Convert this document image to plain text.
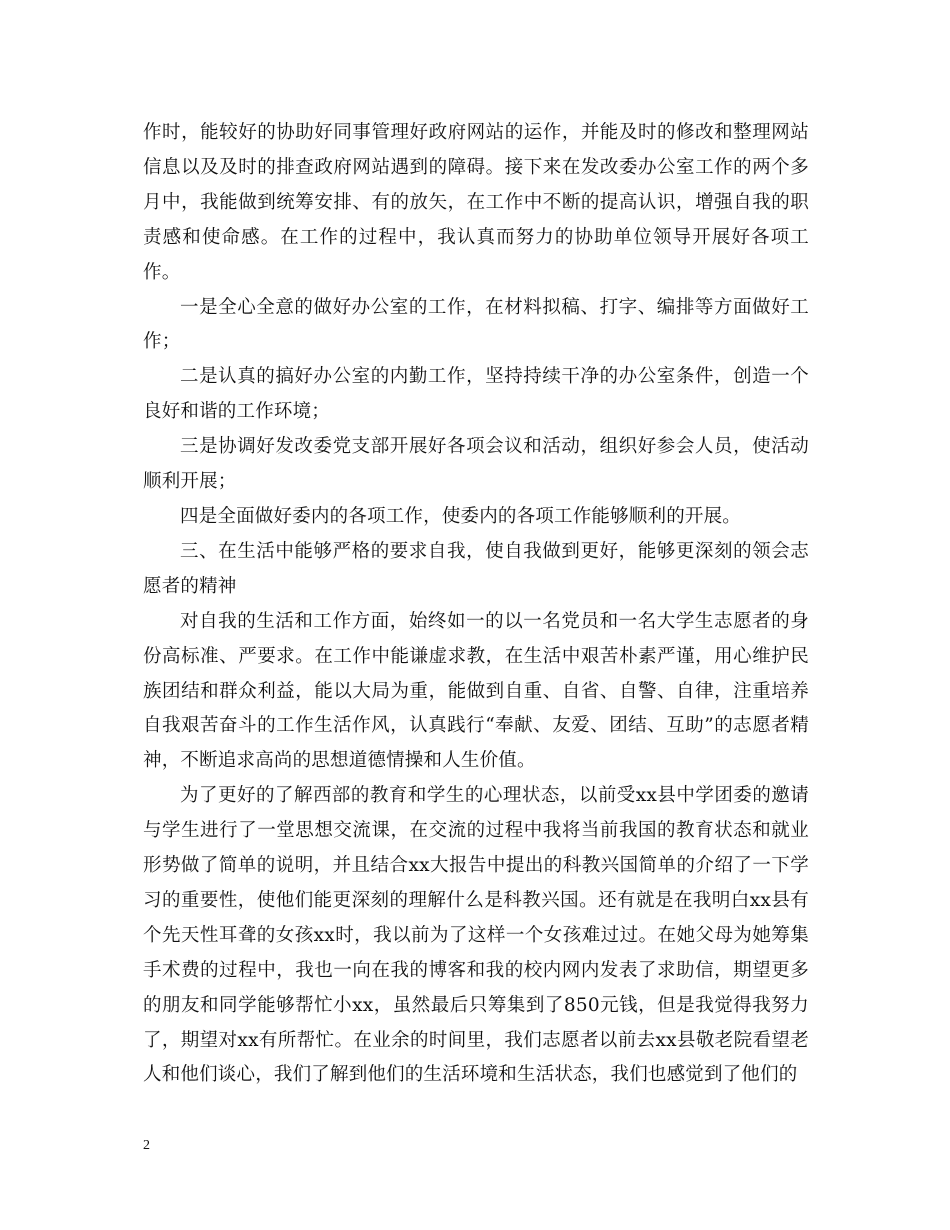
作时，能较好的协助好同事管理好政府网站的运作，并能及时的修改和整理网站信息以及及时的排查政府网站遇到的障碍。接下来在发改委办公室工作的两个多月中，我能做到统筹安排、有的放矢，在工作中不断的提高认识，增强自我的职责感和使命感。在工作的过程中，我认真而努力的协助单位领导开展好各项工作。

一是全心全意的做好办公室的工作，在材料拟稿、打字、编排等方面做好工作；

二是认真的搞好办公室的内勤工作，坚持持续干净的办公室条件，创造一个良好和谐的工作环境；

三是协调好发改委党支部开展好各项会议和活动，组织好参会人员，使活动顺利开展；

四是全面做好委内的各项工作，使委内的各项工作能够顺利的开展。

三、在生活中能够严格的要求自我，使自我做到更好，能够更深刻的领会志愿者的精神

对自我的生活和工作方面，始终如一的以一名党员和一名大学生志愿者的身份高标准、严要求。在工作中能谦虚求教，在生活中艰苦朴素严谨，用心维护民族团结和群众利益，能以大局为重，能做到自重、自省、自警、自律，注重培养自我艰苦奋斗的工作生活作风，认真践行“奉献、友爱、团结、互助”的志愿者精神，不断追求高尚的思想道德情操和人生价值。

为了更好的了解西部的教育和学生的心理状态，以前受xx县中学团委的邀请与学生进行了一堂思想交流课，在交流的过程中我将当前我国的教育状态和就业形势做了简单的说明，并且结合xx大报告中提出的科教兴国简单的介绍了一下学习的重要性，使他们能更深刻的理解什么是科教兴国。还有就是在我明白xx县有个先天性耳聋的女孩xx时，我以前为了这样一个女孩难过过。在她父母为她筹集手术费的过程中，我也一向在我的博客和我的校内网内发表了求助信，期望更多的朋友和同学能够帮忙小xx，虽然最后只筹集到了850元钱，但是我觉得我努力了，期望对xx有所帮忙。在业余的时间里，我们志愿者以前去xx县敬老院看望老人和他们谈心，我们了解到他们的生活环境和生活状态，我们也感觉到了他们的

2
